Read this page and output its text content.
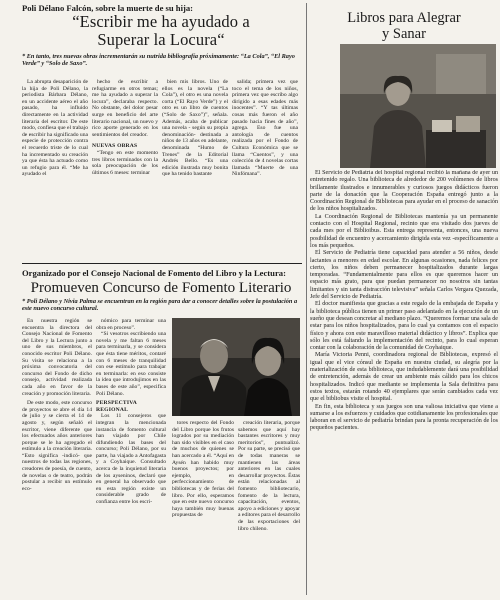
Poli Délano Falcón, sobre la muerte de su hija:
“Escribir me ha ayudado a
Superar la Locura“

* En tanto, tres nuevas obras incrementarán su nutrida bibliografía próximamente: “La Cola”, “El Rayo Verde” y “Solo de Saxo”.

La abrupta desaparición de la hija de Poli Délano, la periodista Bárbara Délano, en un accidente aéreo el año pasado, ha influido directamente en la actividad literaria del escritor. De este modo, confiesa que el trabajo de escribir ha significado una especie de protección contra el recuerdo triste de lo cual ha incrementado su creación ya que ésta ha actuado como un refugio para él. “Me ha ayudado el

hecho de escribir a refugiarme en otros temas; me ha ayudado a superar la locura”, declaraba respecto. No obstante, del dolor pesar surge en beneficio del arte literario nacional, un nuevo y rico aporte generado en los sentimientos del creador.

NUEVAS OBRAS

“Tengo en este momento tres libros terminados con la sola preocupación de los últimos 6 meses: terminar

bien mis libros. Uno de ellos es la novela (“La Cola”), el otro es una novela corta (“El Rayo Verde”) y el otro es un libro de cuentos (“Solo de Saxo”)”, señala. Además, acaba de publicar una novela - según su propia denominación- destinada a niños de 13 años en adelante, denominada “Humo de Trenes” de la Editorial Andrés Bello. “Es una edición ilustrada muy bonita que ha tenido bastante

salida; primera vez que toco el tema de los niños, primera vez que escribo algo dirigido a esas edades más inocentes”. “Y tas últimas cosas más fueron el año pasado hacia fines de año”, agrega. Eso fue una antología de cuentos realizada por el Fondo de Cultura Económica que se llama “Cuentos”, y una colección de 4 novelas cortas llamada “Muerte de una Ninfómana”.

Organizado por el Consejo Nacional de Fomento del Libro y la Lectura:
Promueven Concurso de Fomento Literario

* Poli Délano y Nivia Palma se encuentran en la región para dar a conocer detalles sobre la postulación a este nuevo concurso cultural.

En nuestra región se encuentra la directora del Consejo Nacional de Fomento del Libro y la Lectura junto a uno de sus miembros, el conocido escritor Poli Délano. Su visita se relaciona a la próxima convocatoria del concurso del Fondo de dicho consejo, actividad realizada cada año en favor de la creación y promoción literaria.

De este modo, este concurso de proyectos se abre el día 14 de julio y se cierra el 14 de agosto y, según señaló el escritor, viene diferente que los efectuados años anteriores porque se le ha agregado el estímulo a la creación literaria. “Esto significa -indicó- que nuestros de todas las regiones, creadores de poesía, de cuento, de novelas o de teatro, podrán postular a recibir un estímulo eco-

nómico para terminar una obra en proceso”.

“Si vesotros escribiendo una novela y me faltan 6 meses para terminarla, y se considera que ésta tiene méritos, contaré con 6 meses de tranquilidad con ese estímulo para trabajar en terminarla: en eso consiste la idea que introdujimos en las bases de este año”, especifica Poli Délano.

PERSPECTIVA REGIONAL

Los 11 consejeros que integran la mencionada instancia de fomento cultural han viajado por Chile difundiendo las bases del concurso; Poli Délano, por su parte, ha viajado a Antofagasta y a Coyhaique. Consultado acerca de la inquietud literaria de los ayseninos, declaró que en general ha observado que en esta región existe un considerable grado de confianza entre los escri-

tores respecto del Fondo del Libro porque los frutos logrados por su mediación han sido visibles en el caso de muchos de quienes se han acercado a él. “Aquí en Aysén han habido muy buenos proyectos; por ejemplo, en perfeccionamiento de bibliotecas y de ferias del libro. Por ello, esperamos que en este nuevo concurso haya también muy buenas propuestas de

creación literaria, porque sabemos que aquí hay bastantes escritores y muy meritorios”, puntualizó. Por su parte, se precisó que de todas maneras se mantienen las áreas anteriores en las cuales desarrollar proyectos. Éstas están relacionadas al fomento bibliotecario, fomento de la lectura, capacitación, eventos, apoyo a ediciones y apoyar a editores para el desarrollo de las exportaciones del libro chileno.

Libros para Alegrar
y Sanar

El Servicio de Pediatría del hospital regional recibió la mañana de ayer un entretenido regalo. Una biblioteca de alrededor de 200 volúmenes de libros brillamente ilustrados e innumerables y curiosos juegos didácticos fueron parte de la donación que la Cooperación España entregó junto a la Coordinación Regional de Bibliotecas para ayudar en el proceso de sanación de los niños hospitalizados.

La Coordinación Regional de Bibliotecas mantenía ya un permanente contacto con el Hospital Regional, recinto que era visitado dos jueves de cada mes por el Biblioibus. Esta entrega representa, entonces, una nueva posibilidad de encuentro y acercamiento dirigida esta vez -específicamente a los más pequeños.

El Servicio de Pediatría tiene capacidad para atender a 56 niños, desde lactantes a menores en edad escolar. En algunas ocasiones, nada felices por cierto, los niños deben permanecer hospitalizados durante largas temporadas. “Fundamentalmente para ellos es que queremos hacer un espacio más grato, para que puedan permanecer no nosotros sin tantas limitantes y sin tanta distracción televisiva” señala Carlos Vergara Quezada, Jefe del Servicio de Pediatría.

El doctor manifiesta que gracias a este regalo de la embajada de España y la biblioteca pública tienen un primer paso adelantado en la ejecución de un sueño que desean concretar al mediano plazo. “Queremos formar una sala de estar para los niños hospitalizados, para lo cual ya contamos con el espacio físico y ahora con este maravilloso material didáctico y libros”. Explica que sólo les está faltando la implementación del recinto, para lo cual esperan contar con la colaboración de la comunidad de Coyhaique.

María Victoria Penni, coordinadora regional de Bibliotecas, expresó el igual que el vice cónsul de España en nuestra ciudad, su alegría por la materialización de esta biblioteca, que indudablemente dará una posibilidad de entretención, además de crear un ambiente más cálido para los chicos hospitalizados. Indicó que mediante se implementa la Sala definitiva para estos textos, estarán rotando 40 ejemplares que serán cambiados cada vez que el bibliobus visite el hospital.

En fin, esta biblioteca y sus juegos son una valiosa iniciativa que viene a sumarse a los esfuerzos y cuidados que cotidianamente los profesionales que laboran en el servicio de pediatría brindan para la pronta recuperación de los pequeños pacientes.
